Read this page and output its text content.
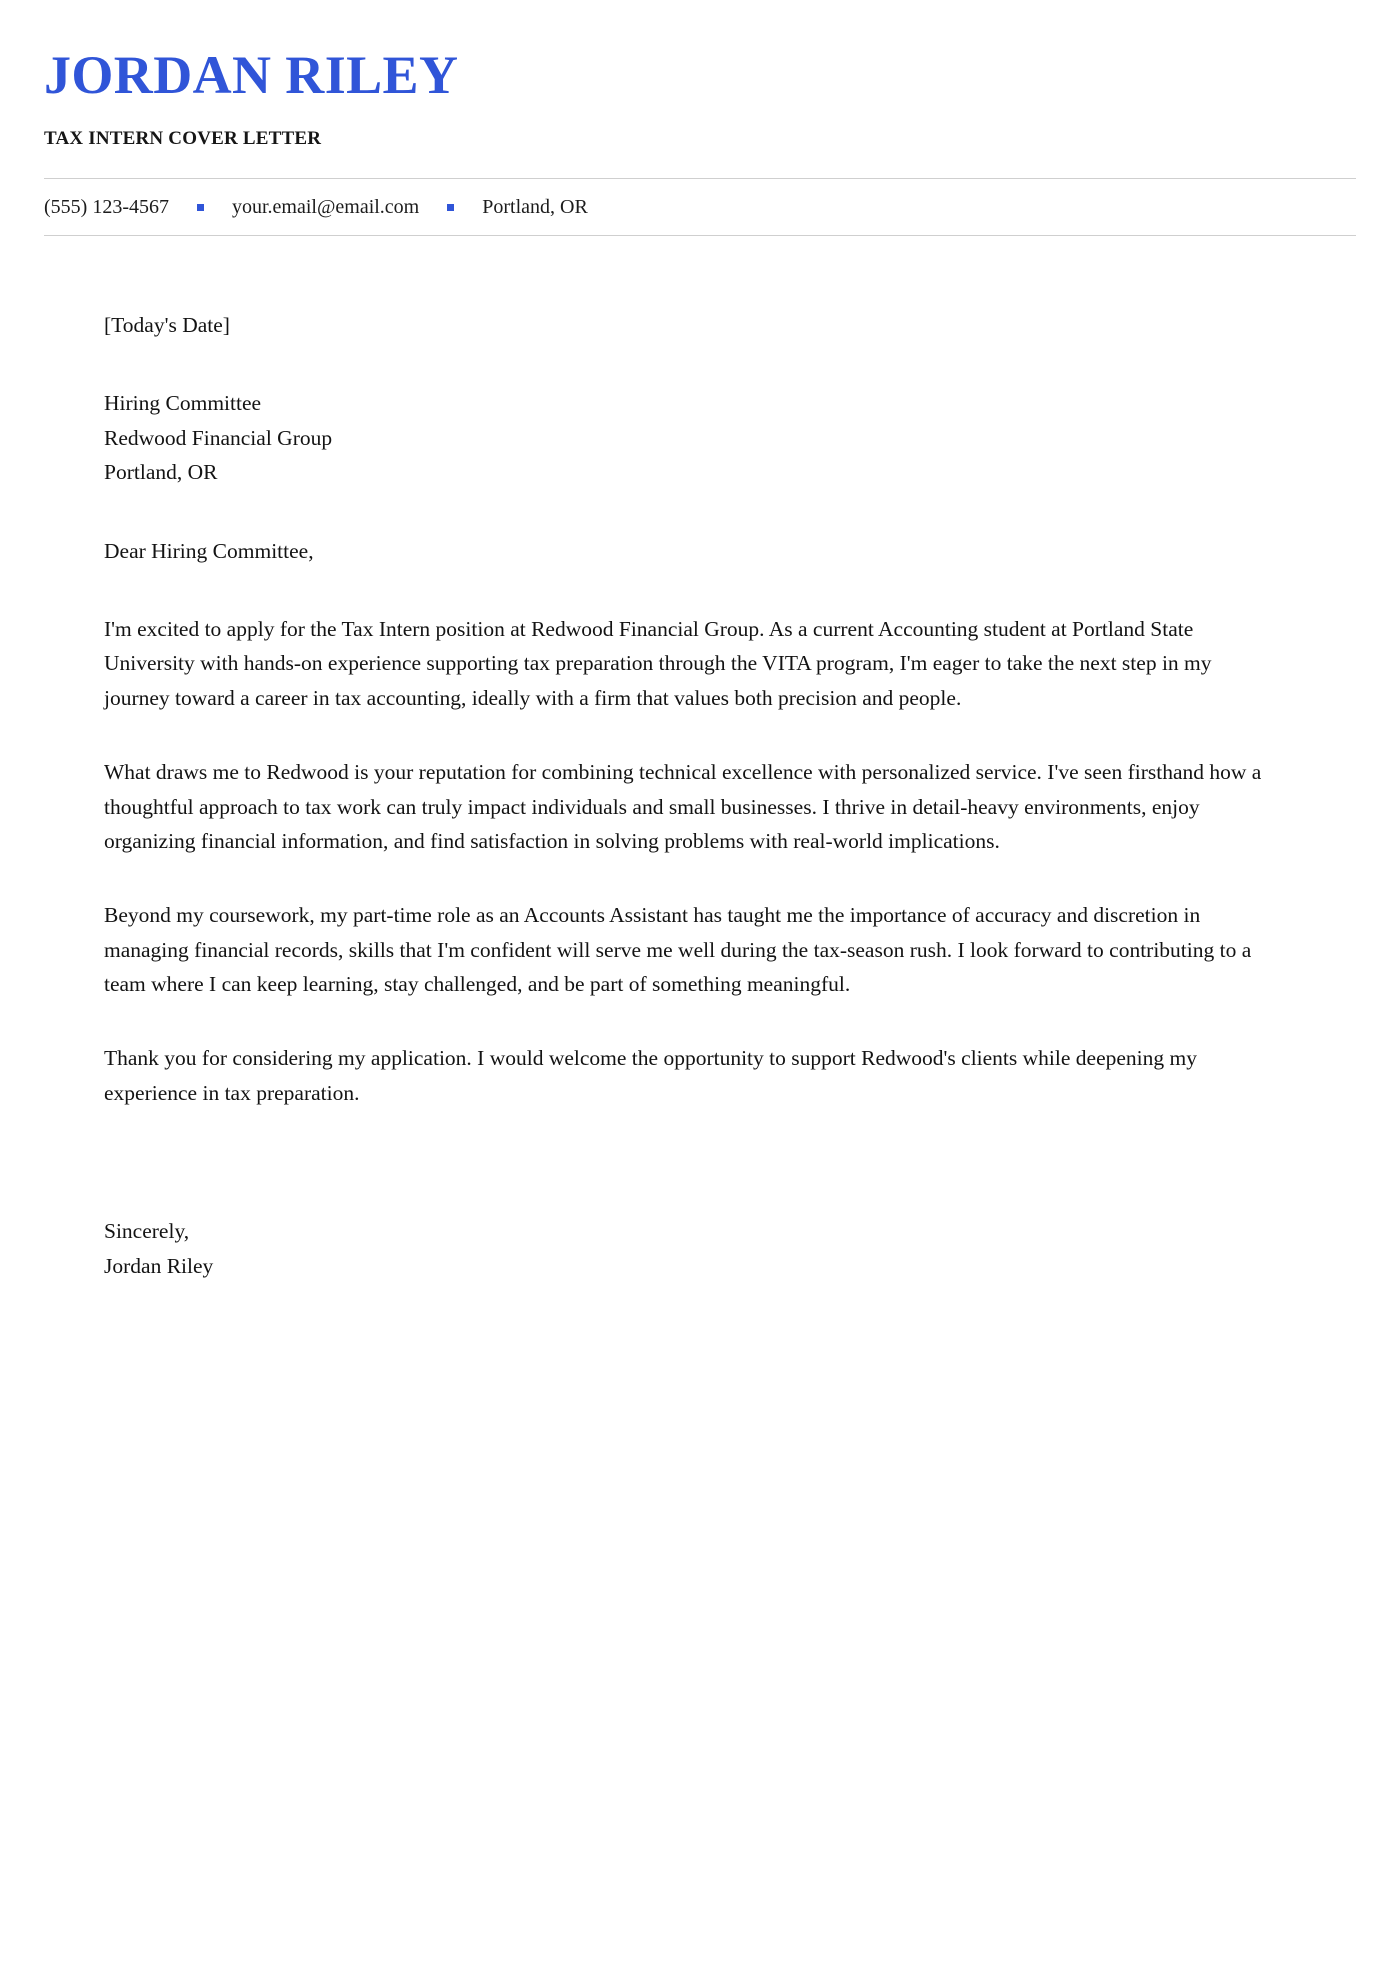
JORDAN RILEY
TAX INTERN COVER LETTER
(555) 123-4567	your.email@email.com	Portland, OR

[Today's Date]

Hiring Committee
Redwood Financial Group
Portland, OR

Dear Hiring Committee,

I'm excited to apply for the Tax Intern position at Redwood Financial Group. As a current Accounting student at Portland State University with hands-on experience supporting tax preparation through the VITA program, I'm eager to take the next step in my journey toward a career in tax accounting, ideally with a firm that values both precision and people.

What draws me to Redwood is your reputation for combining technical excellence with personalized service. I've seen firsthand how a thoughtful approach to tax work can truly impact individuals and small businesses. I thrive in detail-heavy environments, enjoy organizing financial information, and find satisfaction in solving problems with real-world implications.

Beyond my coursework, my part-time role as an Accounts Assistant has taught me the importance of accuracy and discretion in managing financial records, skills that I'm confident will serve me well during the tax-season rush. I look forward to contributing to a team where I can keep learning, stay challenged, and be part of something meaningful.

Thank you for considering my application. I would welcome the opportunity to support Redwood's clients while deepening my experience in tax preparation.

Sincerely,
Jordan Riley
